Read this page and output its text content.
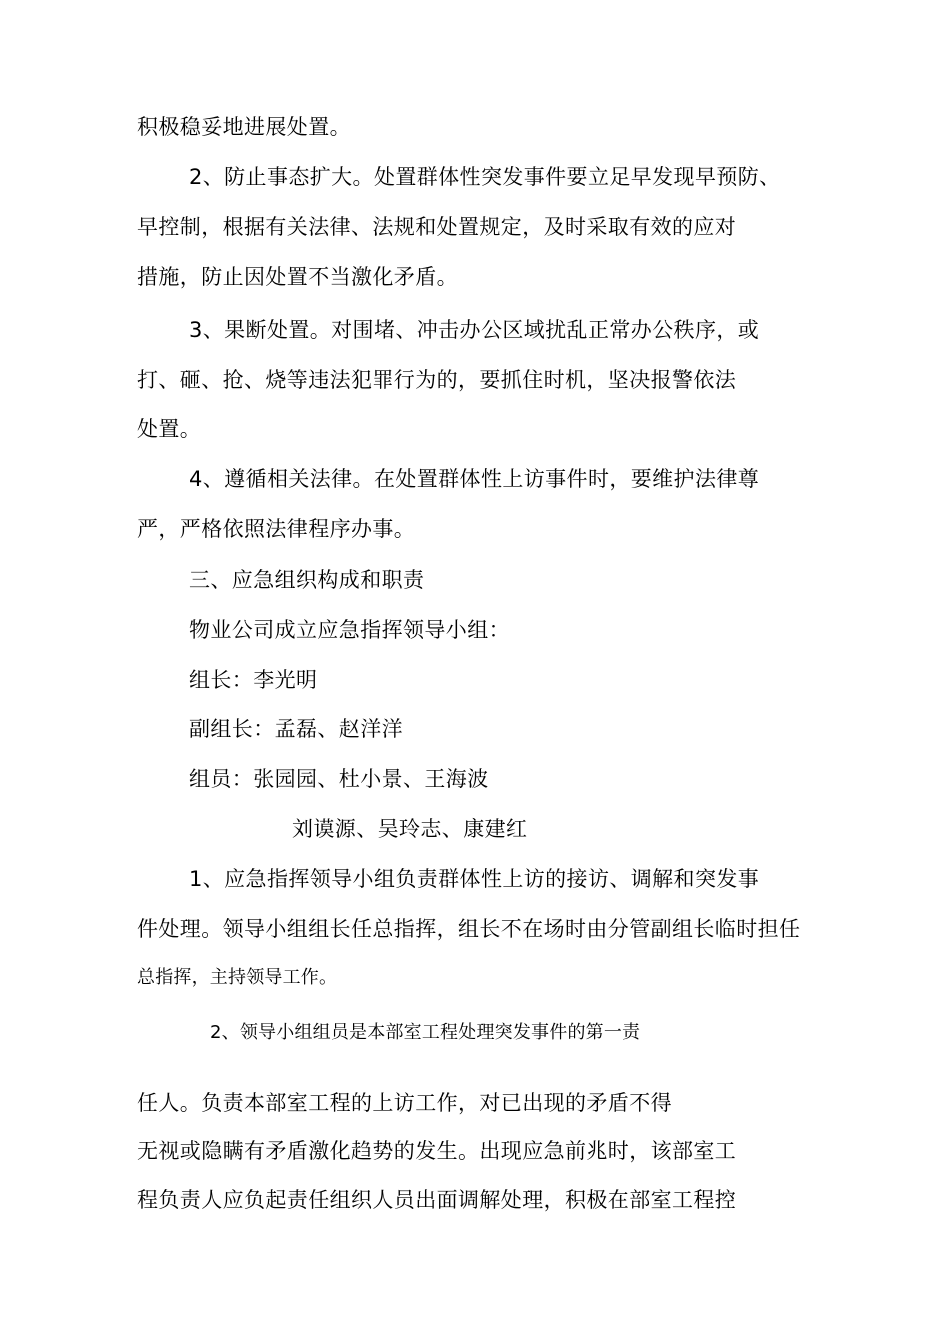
积极稳妥地进展处置。
2、防止事态扩大。处置群体性突发事件要立足早发现早预防、
早控制，根据有关法律、法规和处置规定，及时采取有效的应对
措施，防止因处置不当激化矛盾。
3、果断处置。对围堵、冲击办公区域扰乱正常办公秩序，或
打、砸、抢、烧等违法犯罪行为的，要抓住时机，坚决报警依法
处置。
4、遵循相关法律。在处置群体性上访事件时，要维护法律尊
严，严格依照法律程序办事。
三、应急组织构成和职责
物业公司成立应急指挥领导小组：
组长：李光明
副组长：孟磊、赵洋洋
组员：张园园、杜小景、王海波
刘谟源、吴玲志、康建红
1、应急指挥领导小组负责群体性上访的接访、调解和突发事
件处理。领导小组组长任总指挥，组长不在场时由分管副组长临时担任
总指挥，主持领导工作。
2、领导小组组员是本部室工程处理突发事件的第一责
任人。负责本部室工程的上访工作，对已出现的矛盾不得
无视或隐瞒有矛盾激化趋势的发生。出现应急前兆时，该部室工
程负责人应负起责任组织人员出面调解处理，积极在部室工程控
